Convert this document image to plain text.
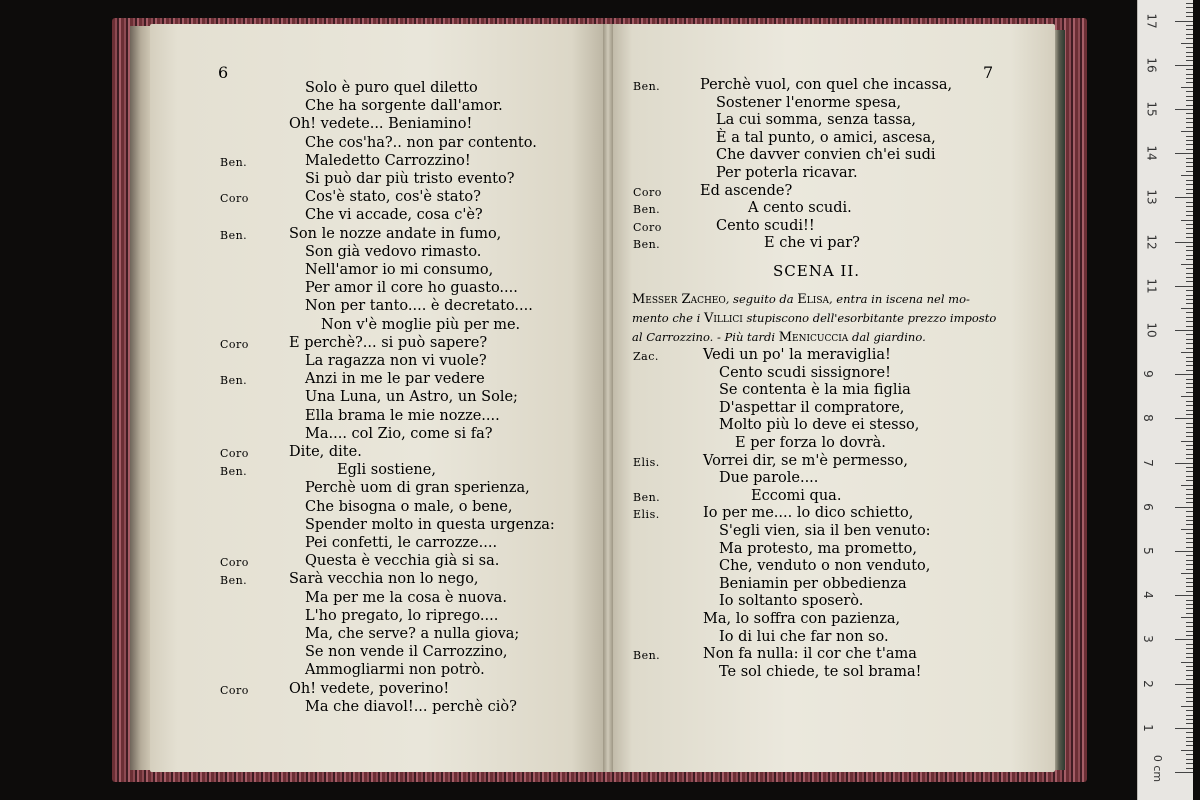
6	7
Solo è puro quel diletto
Che ha sorgente dall'amor.
Oh! vedete... Beniamino!
Che cos'ha?.. non par contento.
Ben.	Maledetto Carrozzino!
Si può dar più tristo evento?
Coro	Cos'è stato, cos'è stato?
Che vi accade, cosa c'è?
Ben.	Son le nozze andate in fumo,
Son già vedovo rimasto.
Nell'amor io mi consumo,
Per amor il core ho guasto....
Non per tanto.... è decretato....
Non v'è moglie più per me.
Coro	E perchè?... si può sapere?
La ragazza non vi vuole?
Ben.	Anzi in me le par vedere
Una Luna, un Astro, un Sole;
Ella brama le mie nozze....
Ma.... col Zio, come si fa?
Coro	Dite, dite.
Ben.	Egli sostiene,
Perchè uom di gran sperienza,
Che bisogna o male, o bene,
Spender molto in questa urgenza:
Pei confetti, le carrozze....
Coro	Questa è vecchia già si sa.
Ben.	Sarà vecchia non lo nego,
Ma per me la cosa è nuova.
L'ho pregato, lo riprego....
Ma, che serve? a nulla giova;
Se non vende il Carrozzino,
Ammogliarmi non potrò.
Coro	Oh! vedete, poverino!
Ma che diavol!... perchè ciò?
Ben.	Perchè vuol, con quel che incassa,
Sostener l'enorme spesa,
La cui somma, senza tassa,
È a tal punto, o amici, ascesa,
Che davver convien ch'ei sudi
Per poterla ricavar.
Coro	Ed ascende?
Ben.	A cento scudi.
Coro	Cento scudi!!
Ben.	E che vi par?
SCENA II.
Messer Zacheo, seguito da Elisa, entra in iscena nel mo-
mento che i Villici stupiscono dell'esorbitante prezzo imposto
al Carrozzino. - Più tardi Menicuccia dal giardino.
Zac.	Vedi un po' la meraviglia!
Cento scudi sissignore!
Se contenta è la mia figlia
D'aspettar il compratore,
Molto più lo deve ei stesso,
E per forza lo dovrà.
Elis.	Vorrei dir, se m'è permesso,
Due parole....
Ben.	Eccomi qua.
Elis.	Io per me.... lo dico schietto,
S'egli vien, sia il ben venuto:
Ma protesto, ma prometto,
Che, venduto o non venduto,
Beniamin per obbedienza
Io soltanto sposerò.
Ma, lo soffra con pazienza,
Io di lui che far non so.
Ben.	Non fa nulla: il cor che t'ama
Te sol chiede, te sol brama!
0 cm
1
2
3
4
5
6
7
8
9
10
11
12
13
14
15
16
17
